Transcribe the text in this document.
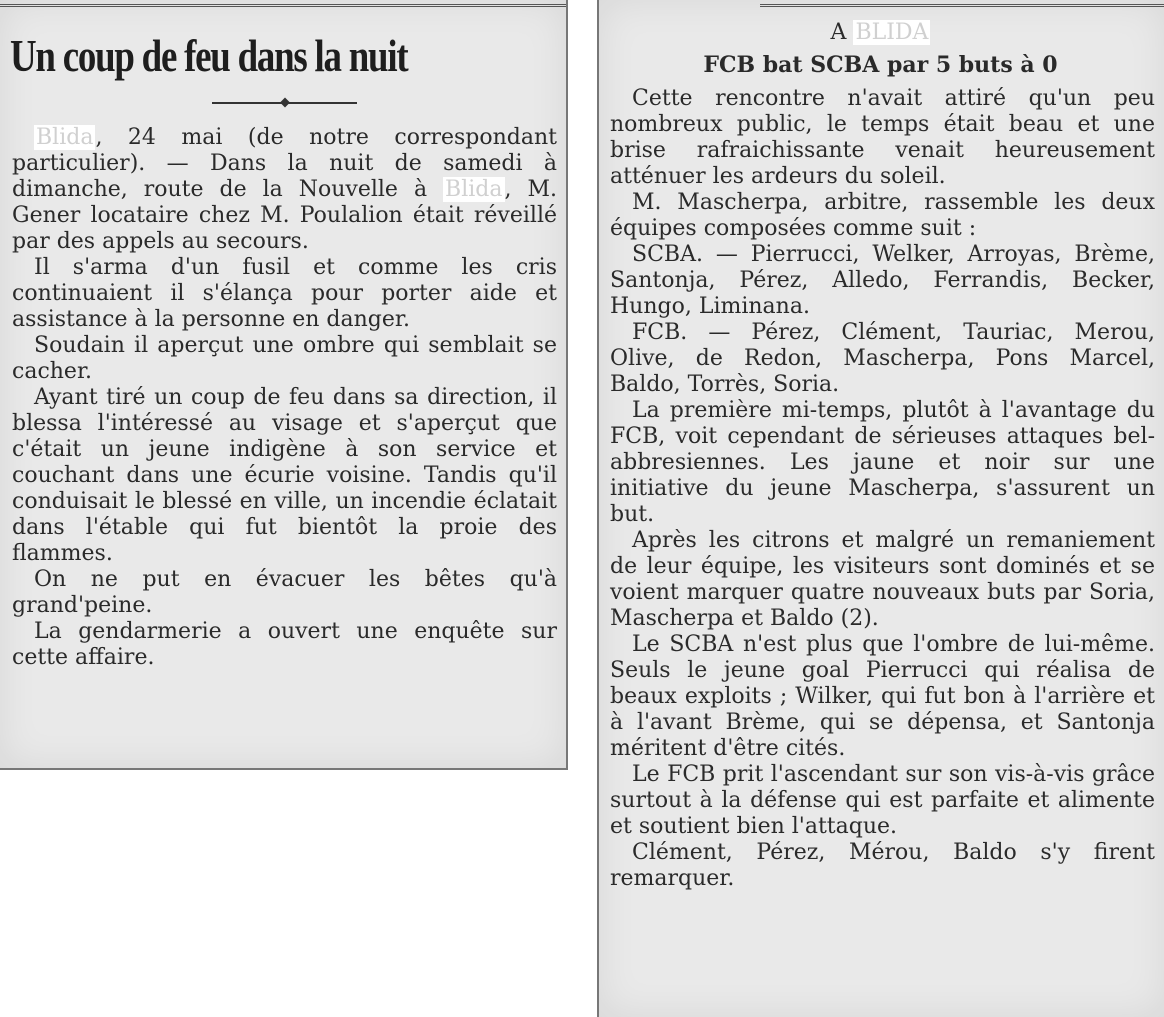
Un coup de feu dans la nuit

Blida, 24 mai (de notre correspondant particulier). — Dans la nuit de samedi à dimanche, route de la Nouvelle à Blida, M. Gener locataire chez M. Poulalion était réveillé par des appels au secours.

Il s'arma d'un fusil et comme les cris continuaient il s'élança pour porter aide et assistance à la personne en danger.

Soudain il aperçut une ombre qui semblait se cacher.

Ayant tiré un coup de feu dans sa direction, il blessa l'intéressé au visage et s'aperçut que c'était un jeune indigène à son service et couchant dans une écurie voisine. Tandis qu'il conduisait le blessé en ville, un incendie éclatait dans l'étable qui fut bientôt la proie des flammes.

On ne put en évacuer les bêtes qu'à grand'peine.

La gendarmerie a ouvert une enquête sur cette affaire.

A BLIDA

FCB bat SCBA par 5 buts à 0

Cette rencontre n'avait attiré qu'un peu nombreux public, le temps était beau et une brise rafraichissante venait heureusement atténuer les ardeurs du soleil.

M. Mascherpa, arbitre, rassemble les deux équipes composées comme suit :

SCBA. — Pierrucci, Welker, Arroyas, Brème, Santonja, Pérez, Alledo, Ferrandis, Becker, Hungo, Liminana.

FCB. — Pérez, Clément, Tauriac, Merou, Olive, de Redon, Mascherpa, Pons Marcel, Baldo, Torrès, Soria.

La première mi-temps, plutôt à l'avantage du FCB, voit cependant de sérieuses attaques bel-abbresiennes. Les jaune et noir sur une initiative du jeune Mascherpa, s'assurent un but.

Après les citrons et malgré un remaniement de leur équipe, les visiteurs sont dominés et se voient marquer quatre nouveaux buts par Soria, Mascherpa et Baldo (2).

Le SCBA n'est plus que l'ombre de lui-même. Seuls le jeune goal Pierrucci qui réalisa de beaux exploits ; Wilker, qui fut bon à l'arrière et à l'avant Brème, qui se dépensa, et Santonja méritent d'être cités.

Le FCB prit l'ascendant sur son vis-à-vis grâce surtout à la défense qui est parfaite et alimente et soutient bien l'attaque.

Clément, Pérez, Mérou, Baldo s'y firent remarquer.
